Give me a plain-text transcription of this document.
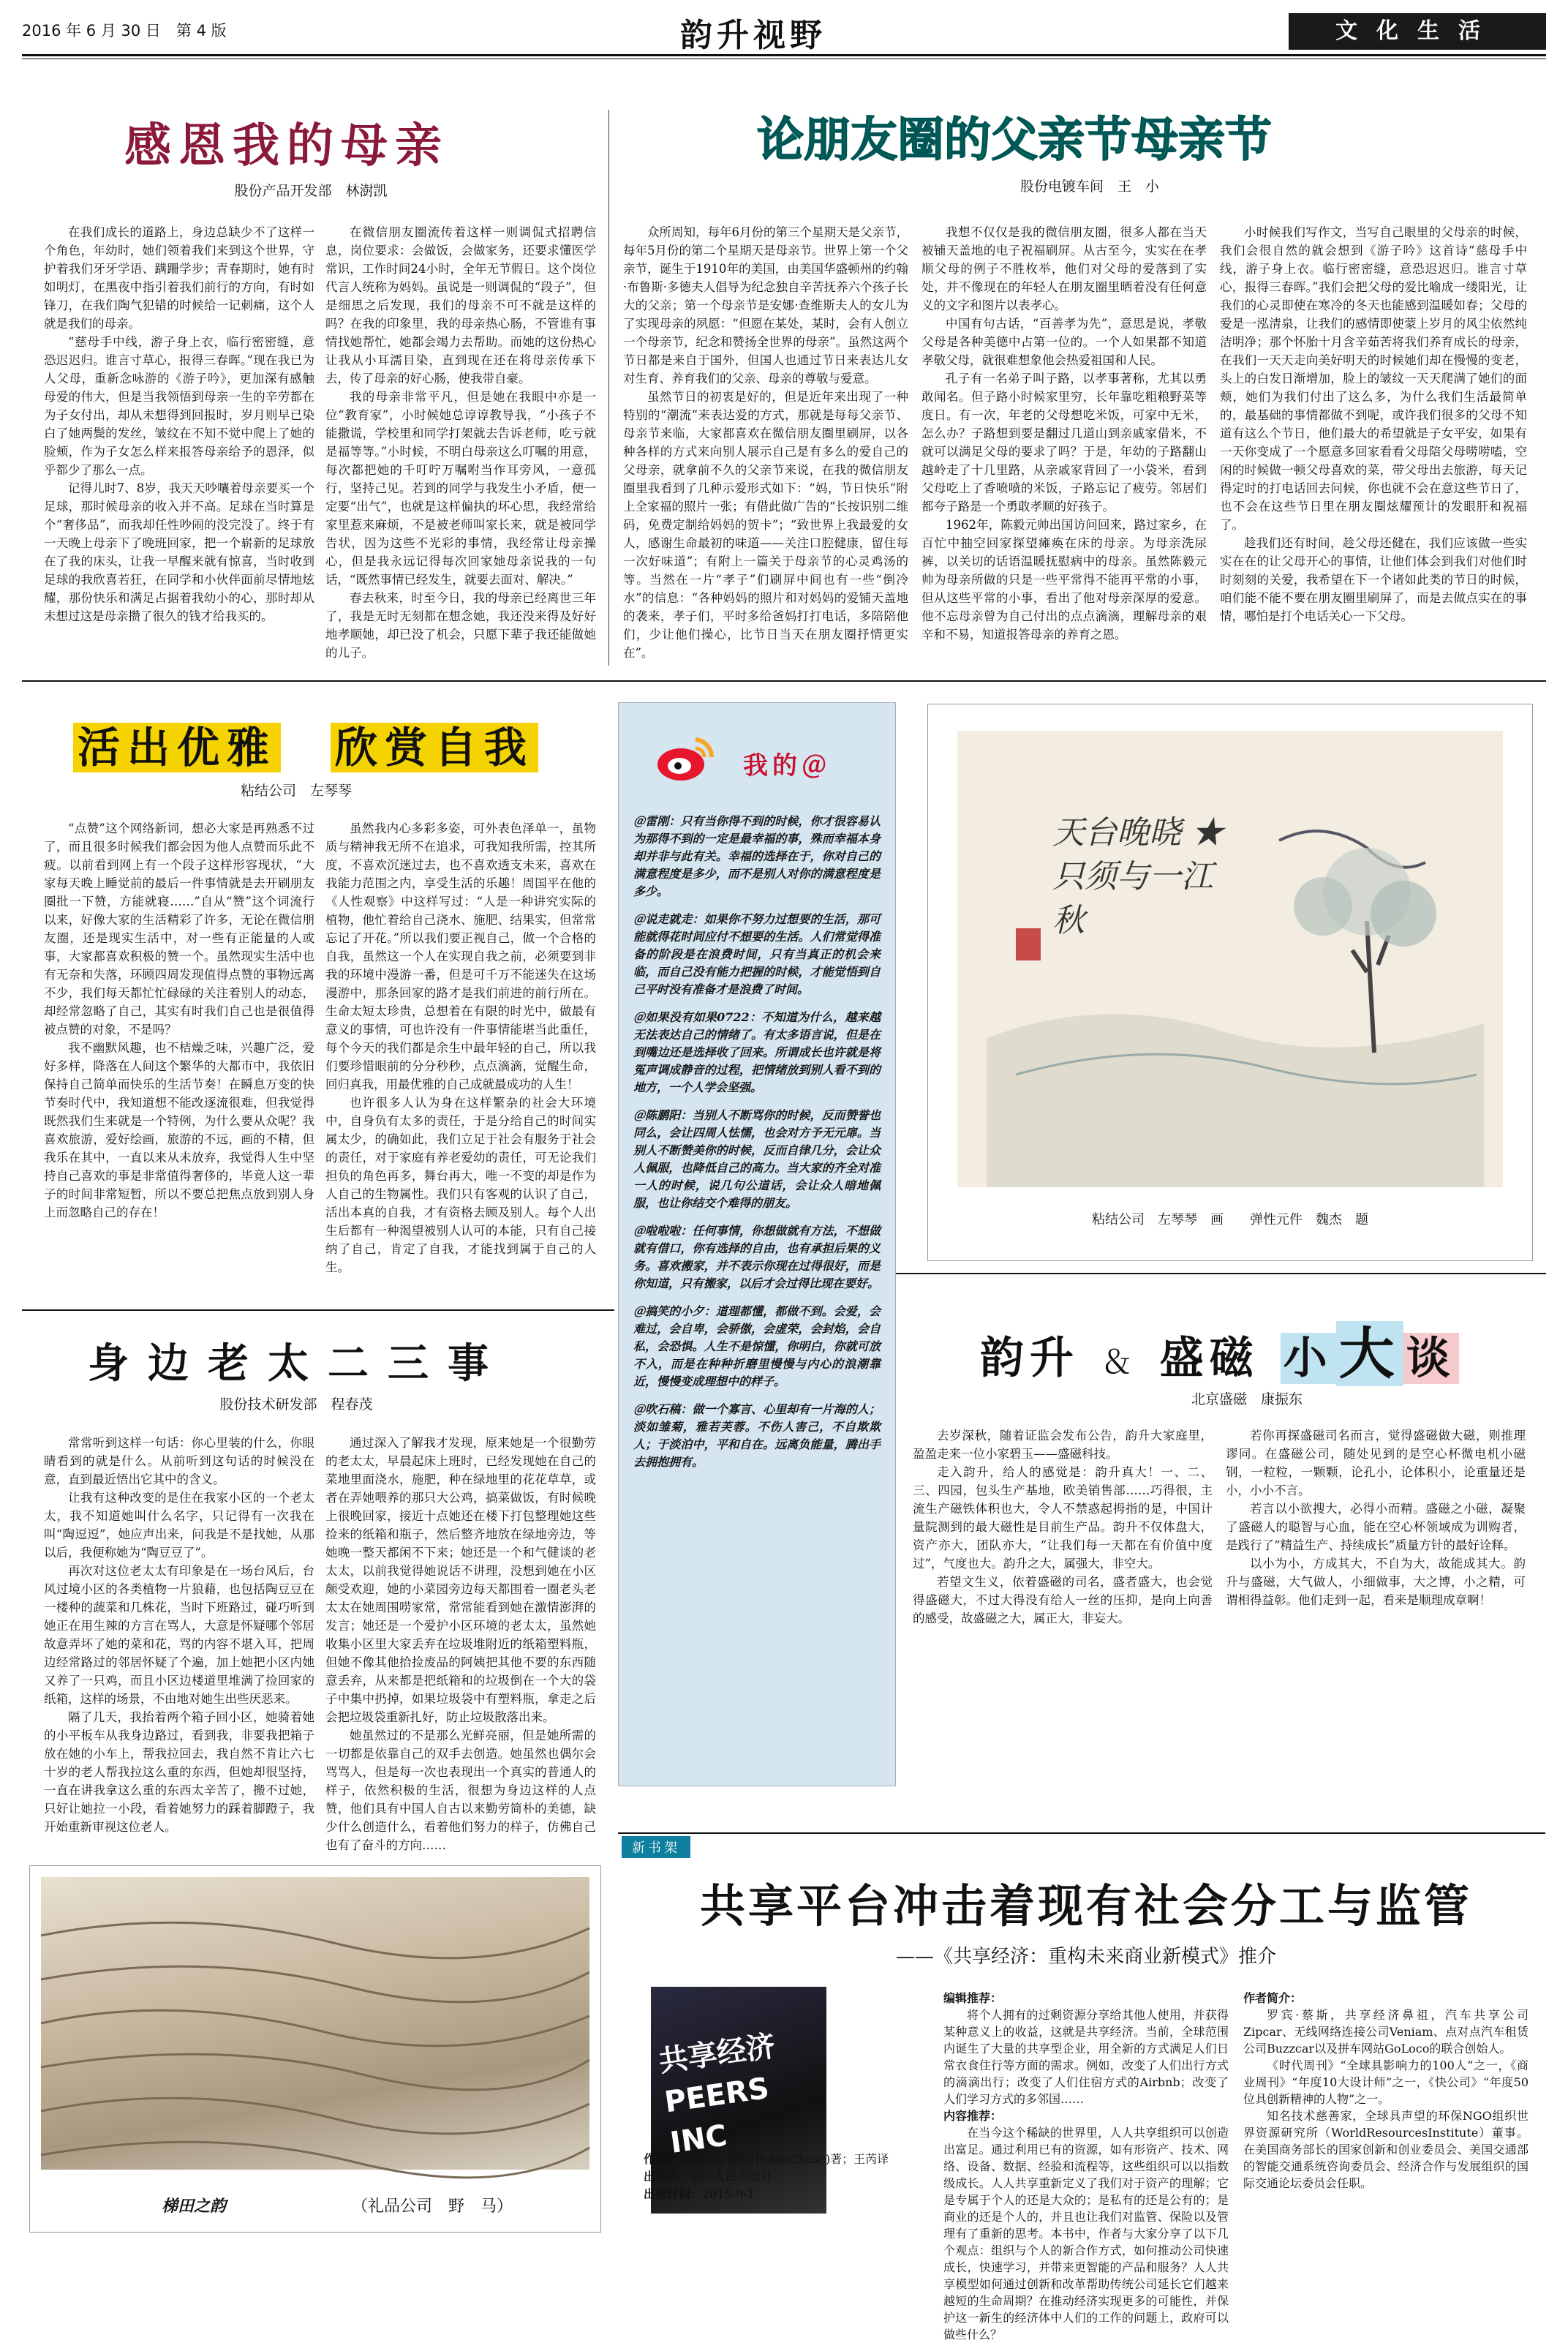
2016 年 6 月 30 日　第 4 版	韵升视野	文化生活
感恩我的母亲
股份产品开发部　林澍凯

在我们成长的道路上，身边总缺少不了这样一个角色，年幼时，她们领着我们来到这个世界，守护着我们牙牙学语、蹒跚学步；青春期时，她有时如明灯，在黑夜中指引着我们前行的方向，有时如锋刀，在我们陶气犯错的时候给一记刺痛，这个人就是我们的母亲。

“慈母手中线，游子身上衣，临行密密缝，意恐迟迟归。谁言寸草心，报得三春晖。”现在我已为人父母，重新念咏游的《游子吟》，更加深有感触母爱的伟大，但是当我领悟到母亲一生的辛劳都在为子女付出，却从未想得到回报时，岁月则早已染白了她两鬓的发丝，皱纹在不知不觉中爬上了她的脸颊，作为子女怎么样来报答母亲给予的恩泽，似乎都少了那么一点。

记得儿时7、8岁，我天天吵嚷着母亲要买一个足球，那时候母亲的收入并不高。足球在当时算是个“奢侈品”，而我却任性吵闹的没完没了。终于有一天晚上母亲下了晚班回家，把一个崭新的足球放在了我的床头，让我一早醒来就有惊喜，当时收到足球的我欣喜若狂，在同学和小伙伴面前尽情地炫耀，那份快乐和满足占据着我幼小的心，那时却从未想过这是母亲攒了很久的钱才给我买的。

在微信朋友圈流传着这样一则调侃式招聘信息，岗位要求：会做饭，会做家务，还要求懂医学常识，工作时间24小时，全年无节假日。这个岗位代言人统称为妈妈。虽说是一则调侃的“段子”，但是细思之后发现，我们的母亲不可不就是这样的吗？在我的印象里，我的母亲热心肠，不管谁有事情找她帮忙，她都会竭力去帮助。而她的这份热心让我从小耳濡目染，直到现在还在将母亲传承下去，传了母亲的好心肠，使我带自豪。

我的母亲非常平凡，但是她在我眼中亦是一位“教育家”，小时候她总谆谆教导我，“小孩子不能撒谎，学校里和同学打架就去告诉老师，吃亏就是福等等。”小时候，不明白母亲这么叮嘱的用意，每次都把她的千叮咛万嘱咐当作耳旁风，一意孤行，坚持己见。若到的同学与我发生小矛盾，便一定要“出气”，也就是这样偏执的坏心思，我经常给家里惹来麻烦，不是被老师叫家长来，就是被同学告状，因为这些不光彩的事情，我经常让母亲操心，但是我永远记得每次回家她母亲说我的一句话，“既然事情已经发生，就要去面对、解决。”

春去秋来，时至今日，我的母亲已经离世三年了，我是无时无刻都在想念她，我还没来得及好好地孝顺她，却已没了机会，只愿下辈子我还能做她的儿子。

论朋友圈的父亲节母亲节
股份电镀车间　王　小

众所周知，每年6月份的第三个星期天是父亲节，每年5月份的第二个星期天是母亲节。世界上第一个父亲节，诞生于1910年的美国，由美国华盛顿州的约翰·布鲁斯·多德夫人倡导为纪念独自辛苦抚养六个孩子长大的父亲；第一个母亲节是安娜·查维斯夫人的女儿为了实现母亲的夙愿：“但愿在某处，某时，会有人创立一个母亲节，纪念和赞扬全世界的母亲”。虽然这两个节日都是来自于国外，但国人也通过节日来表达儿女对生育、养育我们的父亲、母亲的尊敬与爱意。

虽然节日的初衷是好的，但是近年来出现了一种特别的“潮流”来表达爱的方式，那就是每每父亲节、母亲节来临，大家都喜欢在微信朋友圈里刷屏，以各种各样的方式来向别人展示自己是有多么的爱自己的父母亲，就拿前不久的父亲节来说，在我的微信朋友圈里我看到了几种示爱形式如下：“妈，节日快乐”附上全家福的照片一张；有借此做广告的“长按识别二维码，免费定制给妈妈的贺卡”；“致世界上我最爱的女人，感谢生命最初的味道——关注口腔健康，留住每一次好味道”；有附上一篇关于母亲节的心灵鸡汤的等。当然在一片“孝子”们刷屏中间也有一些“倒冷水”的信息：“各种妈妈的照片和对妈妈的爱铺天盖地的袭来，孝子们，平时多给爸妈打打电话，多陪陪他们，少让他们操心，比节日当天在朋友圈抒情更实在”。

我想不仅仅是我的微信朋友圈，很多人都在当天被铺天盖地的电子祝福刷屏。从古至今，实实在在孝顺父母的例子不胜枚举，他们对父母的爱落到了实处，并不像现在的年轻人在朋友圈里晒着没有任何意义的文字和图片以表孝心。

中国有句古话，“百善孝为先”，意思是说，孝敬父母是各种美德中占第一位的。一个人如果都不知道孝敬父母，就很难想象他会热爱祖国和人民。

孔子有一名弟子叫子路，以孝事著称，尤其以勇敢闻名。但子路小时候家里穷，长年靠吃粗粮野菜等度日。有一次，年老的父母想吃米饭，可家中无米，怎么办？子路想到要是翻过几道山到亲戚家借米，不就可以满足父母的要求了吗？于是，年幼的子路翻山越岭走了十几里路，从亲戚家背回了一小袋米，看到父母吃上了香喷喷的米饭，子路忘记了疲劳。邻居们都夸子路是一个勇敢孝顺的好孩子。

1962年，陈毅元帅出国访问回来，路过家乡，在百忙中抽空回家探望瘫痪在床的母亲。为母亲洗尿裤，以关切的话语温暖抚慰病中的母亲。虽然陈毅元帅为母亲所做的只是一些平常得不能再平常的小事，但从这些平常的小事，看出了他对母亲深厚的爱意。他不忘母亲曾为自己付出的点点滴滴，理解母亲的艰辛和不易，知道报答母亲的养育之恩。

小时候我们写作文，当写自己眼里的父母亲的时候，我们会很自然的就会想到《游子吟》这首诗“慈母手中线，游子身上衣。临行密密缝，意恐迟迟归。谁言寸草心，报得三春晖。”我们会把父母的爱比喻成一缕阳光，让我们的心灵即使在寒冷的冬天也能感到温暖如春；父母的爱是一泓清泉，让我们的感情即使蒙上岁月的风尘依然纯洁明净；那个怀胎十月含辛茹苦将我们养育成长的母亲，在我们一天天走向美好明天的时候她们却在慢慢的变老，头上的白发日渐增加，脸上的皱纹一天天爬满了她们的面颊，她们为我们付出了这么多，为什么我们生活最简单的，最基础的事情都做不到呢，或许我们很多的父母不知道有这么个节日，他们最大的希望就是子女平安，如果有一天你变成了一个愿意多回家看看父母陪父母唠唠嗑，空闲的时候做一顿父母喜欢的菜，带父母出去旅游，每天记得定时的打电话回去问候，你也就不会在意这些节日了，也不会在这些节日里在朋友圈炫耀预计的发眼肝和祝福了。

趁我们还有时间，趁父母还健在，我们应该做一些实实在在的让父母开心的事情，让他们体会到我们对他们时时刻刻的关爱，我希望在下一个诸如此类的节日的时候，咱们能不能不要在朋友圈里刷屏了，而是去做点实在的事情，哪怕是打个电话关心一下父母。

活出优雅　 欣赏自我
粘结公司　左琴琴

“点赞”这个网络新词，想必大家是再熟悉不过了，而且很多时候我们都会因为他人点赞而乐此不疲。以前看到网上有一个段子这样形容现状，“大家每天晚上睡觉前的最后一件事情就是去开刷朋友圈批一下赞，方能就寝……”自从“赞”这个词流行以来，好像大家的生活精彩了许多，无论在微信朋友圈，还是现实生活中，对一些有正能量的人或事，大家都喜欢积极的赞一个。虽然现实生活中也有无奈和失落，环顾四周发现值得点赞的事物远离不少，我们每天都忙忙碌碌的关注着别人的动态，却经常忽略了自己，其实有时我们自己也是很值得被点赞的对象，不是吗？

我不幽默风趣，也不桔燥乏味，兴趣广泛，爱好多样，降落在人间这个繁华的大都市中，我依旧保持自己简单而快乐的生活节奏！在瞬息万变的快节奏时代中，我知道想不能改逐流很难，但我觉得既然我们生来就是一个特例，为什么要从众呢？我喜欢旅游，爱好绘画，旅游的不远，画的不精，但我乐在其中，一直以来从未放弃，我觉得人生中坚持自己喜欢的事是非常值得奢侈的，毕竟人这一辈子的时间非常短暂，所以不要总把焦点放到别人身上而忽略自己的存在！

虽然我内心多彩多姿，可外表色泽单一，虽物质与精神我无所不在追求，可我知我所需，控其所度，不喜欢沉迷过去，也不喜欢透支未来，喜欢在我能力范围之内，享受生活的乐趣！周国平在他的《人性观察》中这样写过：“人是一种讲究实际的植物，他忙着给自己浇水、施肥、结果实，但常常忘记了开花。”所以我们要正视自己，做一个合格的自我，虽然这一个人在实现自我之前，必须要到非我的环境中漫游一番，但是可千万不能迷失在这场漫游中，那条回家的路才是我们前进的前行所在。生命太短太珍贵，总想着在有限的时光中，做最有意义的事情，可也许没有一件事情能堪当此重任，每个今天的我们都是余生中最年轻的自己，所以我们要珍惜眼前的分分秒秒，点点滴滴，觉醒生命，回归真我，用最优雅的自己成就最成功的人生！

也许很多人认为身在这样繁杂的社会大环境中，自身负有太多的责任，于是分给自己的时间实属太少，的确如此，我们立足于社会有服务于社会的责任，对于家庭有养老爱幼的责任，可无论我们担负的角色再多，舞台再大，唯一不变的却是作为人自己的生物属性。我们只有客观的认识了自己，活出本真的自我，才有资格去顾及别人。每个人出生后都有一种渴望被别人认可的本能，只有自己接纳了自己，肯定了自我，才能找到属于自己的人生。

我的＠
＠雷刚：只有当你得不到的时候，你才很容易认为那得不到的一定是最幸福的事，殊而幸福本身却并非与此有关。幸福的选择在于，你对自己的满意程度是多少，而不是别人对你的满意程度是多少。
＠说走就走：如果你不努力过想要的生活，那可能就得花时间应付不想要的生活。人们常觉得准备的阶段是在浪费时间，只有当真正的机会来临，而自己没有能力把握的时候，才能觉悟到自己平时没有准备才是浪费了时间。
＠如果没有如果0722：不知道为什么，越来越无法表达自己的情绪了。有太多语言说，但是在到嘴边还是选择收了回来。所谓成长也许就是将冤声调成静音的过程，把情绪放到别人看不到的地方，一个人学会坚强。
＠陈鹏阳：当别人不断骂你的时候，反而赞誉也同么，会让四周人怯懦，也会对方予无元扉。当别人不断赞美你的时候，反而自律几分，会让众人佩服，也降低自己的高力。当大家的齐全对准一人的时候，说几句公道话，会让众人暗地佩服，也让你结交个难得的朋友。
＠啦啦啦：任何事情，你想做就有方法，不想做就有借口，你有选择的自由，也有承担后果的义务。喜欢搬家，并不表示你现在过得很好，而是你知道，只有搬家，以后才会过得比现在要好。
＠搞笑的小夕：道理都懂，都做不到。会爱，会难过，会自卑，会骄傲，会虚荣，会封焰，会自私，会恐惧。人生不是惊懂，你明白，你就可放不入，而是在种种折磨里慢慢与内心的浪潮靠近，慢慢变成理想中的样子。
＠吹石稿：做一个寡言、心里却有一片海的人；淡如雏菊，雅若芙蓉。不伤人害己，不自欺欺人；于淡泊中，平和自在。远离负能量，腾出手去拥抱拥有。
天台晚晓 ★ 只须与一江秋
粘结公司　左琴琴　画　　弹性元件　魏杰　题
身边老太二三事
股份技术研发部　程春茂

常常听到这样一句话：你心里装的什么，你眼睛看到的就是什么。从前听到这句话的时候没在意，直到最近悟出它其中的含义。

让我有这种改变的是住在我家小区的一个老太太，我不知道她叫什么名字，只记得有一次我在叫“陶逗逗”，她应声出来，问我是不是找她，从那以后，我便称她为“陶豆豆了”。

再次对这位老太太有印象是在一场台风后，台风过境小区的各类植物一片狼藉，也包括陶豆豆在一楼种的蔬菜和几株花，当时下班路过，碰巧听到她正在用生辣的方言在骂人，大意是怀疑哪个邻居故意弄坏了她的菜和花，骂的内容不堪入耳，把周边经常路过的邻居怀疑了个遍，加上她把小区内她又养了一只鸡，而且小区边楼道里堆满了捡回家的纸箱，这样的场景，不由地对她生出些厌恶来。

隔了几天，我抬着两个箱子回小区，她骑着她的小平板车从我身边路过，看到我，非要我把箱子放在她的小车上，帮我拉回去，我自然不肯让六七十岁的老人帮我拉这么重的东西，但她却很坚持，一直在讲我拿这么重的东西太辛苦了，搬不过她，只好让她拉一小段，看着她努力的踩着脚蹬子，我开始重新审视这位老人。

通过深入了解我才发现，原来她是一个很勤劳的老太太，早晨起床上班时，已经发现她在自己的菜地里面浇水，施肥，种在绿地里的花花草草，或者在弄她喂养的那只大公鸡，搞菜做饭，有时候晚上很晚回家，接近十点她还在楼下打包整理她这些捡来的纸箱和瓶子，然后整齐地放在绿地旁边，等她晚一整天都闲不下来；她还是一个和气健谈的老太太，以前我觉得她说话不讲理，没想到她在小区颇受欢迎，她的小菜园旁边每天都围着一圈老头老太太在她周围唠家常，常常能看到她在激情澎湃的发言；她还是一个爱护小区环境的老太太，虽然她收集小区里大家丢弃在垃圾堆附近的纸箱塑料瓶，但她不像其他拾捡废品的阿姨把其他不要的东西随意丢弃，从来都是把纸箱和的垃圾倒在一个大的袋子中集中扔掉，如果垃圾袋中有塑料瓶，拿走之后会把垃圾袋重新扎好，防止垃圾散落出来。

她虽然过的不是那么光鲜亮丽，但是她所需的一切都是依靠自己的双手去创造。她虽然也偶尔会骂骂人，但是每一次也表现出一个真实的普通人的样子，依然积极的生活，很想为身边这样的人点赞，他们具有中国人自古以来勤劳简朴的美德，缺少什么创造什么，看着他们努力的样子，仿佛自己也有了奋斗的方向……

梯田之韵	（礼品公司　野　马）
韵升 ＆ 盛磁 小 大 谈
北京盛磁　康振东

去岁深秋，随着证监会发布公告，韵升大家庭里，盈盈走来一位小家碧玉——盛磁科技。

走入韵升，给人的感觉是：韵升真大！一、二、三、四园，包头生产基地，欧美销售部……巧得很，主流生产磁铁体积也大，令人不禁惑起拇指的是，中国计量院测到的最大磁性是目前生产品。韵升不仅体盘大，资产亦大，团队亦大，“让我们每一天都在有价值中度过”，气度也大。韵升之大，属强大，非空大。

若望文生义，依着盛磁的司名，盛者盛大，也会觉得盛磁大，不过大得没有给人一丝的压抑，是向上向善的感受，故盛磁之大，属正大，非妄大。

若你再探盛磁司名而言，觉得盛磁做大磁，则推理谬同。在盛磁公司，随处见到的是空心杯微电机小磁钢，一粒粒，一颗颗，论孔小，论体积小，论重量还是小，小小不言。

若言以小欲搜大，必得小而精。盛磁之小磁，凝聚了盛磁人的聪智与心血，能在空心杯领域成为训购者，是践行了“精益生产、持续成长”质量方针的最好诠释。

以小为小，方成其大，不自为大，故能成其大。韵升与盛磁，大气做人，小细做事，大之博，小之精，可谓相得益彰。他们走到一起，看来是顺理成章啊！

新书架
共享平台冲击着现有社会分工与监管
——《共享经济：重构未来商业新模式》推介
共享经济 PEERS INC
作者：[美]罗宾·蔡斯(RobinChase)著；王芮译
出版社：浙江人民出版社
出版时间：2015-9-1
编辑推荐：

将个人拥有的过剩资源分享给其他人使用，并获得某种意义上的收益，这就是共享经济。当前，全球范围内诞生了大量的共享型企业，用全新的方式满足人们日常衣食住行等方面的需求。例如，改变了人们出行方式的滴滴出行；改变了人们住宿方式的Airbnb；改变了人们学习方式的多邻国……

内容推荐：

在当今这个稀缺的世界里，人人共享组织可以创造出富足。通过利用已有的资源，如有形资产、技术、网络、设备、数据、经验和流程等，这些组织可以以指数级成长。人人共享重新定义了我们对于资产的理解；它是专属于个人的还是大众的；是私有的还是公有的；是商业的还是个人的，并且也让我们对监管、保险以及管理有了重新的思考。本书中，作者与大家分享了以下几个观点：组织与个人的新合作方式，如何推动公司快速成长，快速学习，并带来更智能的产品和服务？人人共享模型如何通过创新和改革帮助传统公司延长它们越来越短的生命周期？在推动经济实现更多的可能性，并保护这一新生的经济体中人们的工作的问题上，政府可以做些什么？

作者简介：

罗宾·蔡斯，共享经济鼻祖，汽车共享公司Zipcar、无线网络连接公司Veniam、点对点汽车租赁公司Buzzcar以及拼车网站GoLoco的联合创始人。

《时代周刊》“全球具影响力的100人”之一，《商业周刊》“年度10大设计师”之一，《快公司》“年度50位具创新精神的人物”之一。

知名技术慈善家，全球具声望的环保NGO组织世界资源研究所（WorldResourcesInstitute）董事。在美国商务部长的国家创新和创业委员会、美国交通部的智能交通系统咨询委员会、经济合作与发展组织的国际交通论坛委员会任职。
